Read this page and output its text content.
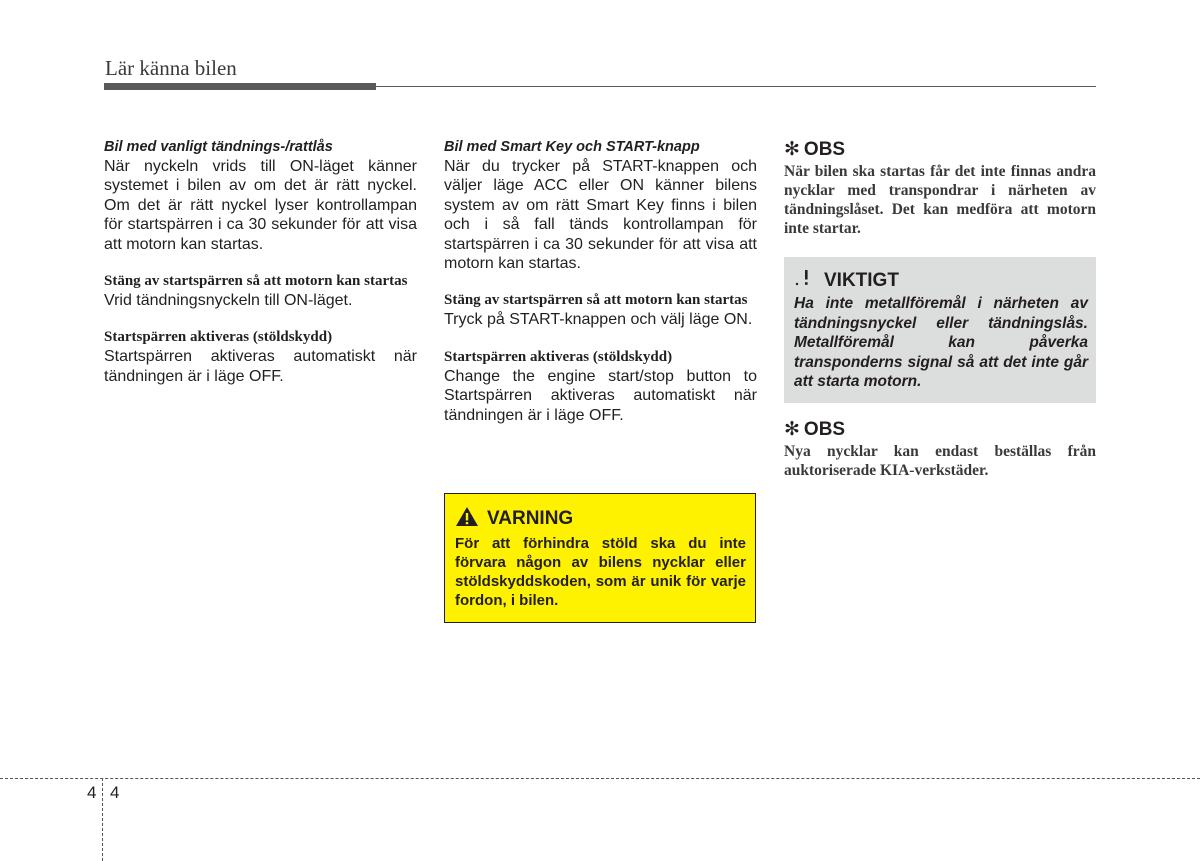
Lär känna bilen

Bil med vanligt tändnings-/rattlås

När nyckeln vrids till ON-läget känner systemet i bilen av om det är rätt nyckel. Om det är rätt nyckel lyser kontrollampan för startspärren i ca 30 sekunder för att visa att motorn kan startas.

Stäng av startspärren så att motorn kan startas

Vrid tändningsnyckeln till ON-läget.

Startspärren aktiveras (stöldskydd)

Startspärren aktiveras automatiskt när tändningen är i läge OFF.

Bil med Smart Key och START-knapp

När du trycker på START-knappen och väljer läge ACC eller ON känner bilens system av om rätt Smart Key finns i bilen och i så fall tänds kontrollampan för startspärren i ca 30 sekunder för att visa att motorn kan startas.

Stäng av startspärren så att motorn kan startas

Tryck på START-knappen och välj läge ON.

Startspärren aktiveras (stöldskydd)

Change the engine start/stop button to Startspärren aktiveras automatiskt när tändningen är i läge OFF.

VARNING

För att förhindra stöld ska du inte förvara någon av bilens nycklar eller stöldskyddskoden, som är unik för varje fordon, i bilen.

✻ OBS

När bilen ska startas får det inte finnas andra nycklar med transpondrar i närheten av tändningslåset. Det kan medföra att motorn inte startar.

VIKTIGT

Ha inte metallföremål i närheten av tändningsnyckel eller tändningslås. Metallföremål kan påverka transponderns signal så att det inte går att starta motorn.

✻ OBS

Nya nycklar kan endast beställas från auktoriserade KIA-verkstäder.

4 4
